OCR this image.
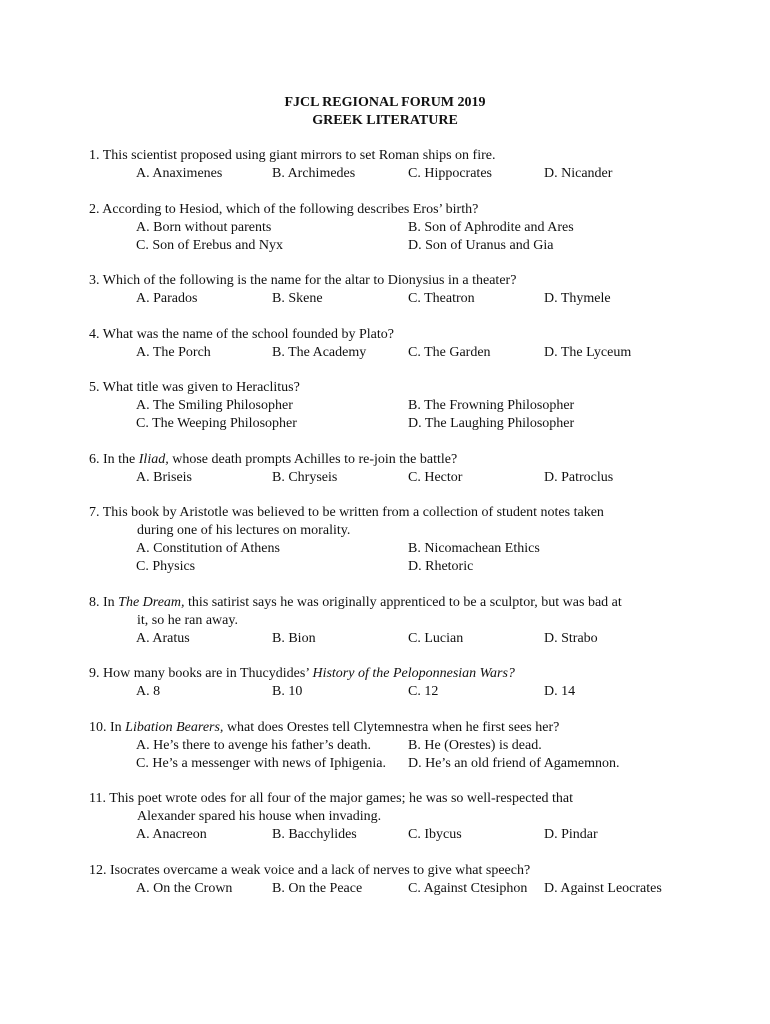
FJCL REGIONAL FORUM 2019
GREEK LITERATURE
1. This scientist proposed using giant mirrors to set Roman ships on fire.
A. Anaximenes	B. Archimedes	C. Hippocrates	D. Nicander
2. According to Hesiod, which of the following describes Eros’ birth?
A. Born without parents	B. Son of Aphrodite and Ares
C. Son of Erebus and Nyx	D. Son of Uranus and Gia
3. Which of the following is the name for the altar to Dionysius in a theater?
A. Parados	B. Skene	C. Theatron	D. Thymele
4. What was the name of the school founded by Plato?
A. The Porch	B. The Academy	C. The Garden	D. The Lyceum
5. What title was given to Heraclitus?
A. The Smiling Philosopher	B. The Frowning Philosopher
C. The Weeping Philosopher	D. The Laughing Philosopher
6. In the Iliad, whose death prompts Achilles to re-join the battle?
A. Briseis	B. Chryseis	C. Hector	D. Patroclus
7. This book by Aristotle was believed to be written from a collection of student notes taken
during one of his lectures on morality.
A. Constitution of Athens	B. Nicomachean Ethics
C. Physics	D. Rhetoric
8. In The Dream, this satirist says he was originally apprenticed to be a sculptor, but was bad at
it, so he ran away.
A. Aratus	B. Bion	C. Lucian	D. Strabo
9. How many books are in Thucydides’ History of the Peloponnesian Wars?
A. 8	B. 10	C. 12	D. 14
10. In Libation Bearers, what does Orestes tell Clytemnestra when he first sees her?
A. He’s there to avenge his father’s death.	B. He (Orestes) is dead.
C. He’s a messenger with news of Iphigenia.	D. He’s an old friend of Agamemnon.
11. This poet wrote odes for all four of the major games; he was so well-respected that
Alexander spared his house when invading.
A. Anacreon	B. Bacchylides	C. Ibycus	D. Pindar
12. Isocrates overcame a weak voice and a lack of nerves to give what speech?
A. On the Crown	B. On the Peace	C. Against Ctesiphon	D. Against Leocrates
